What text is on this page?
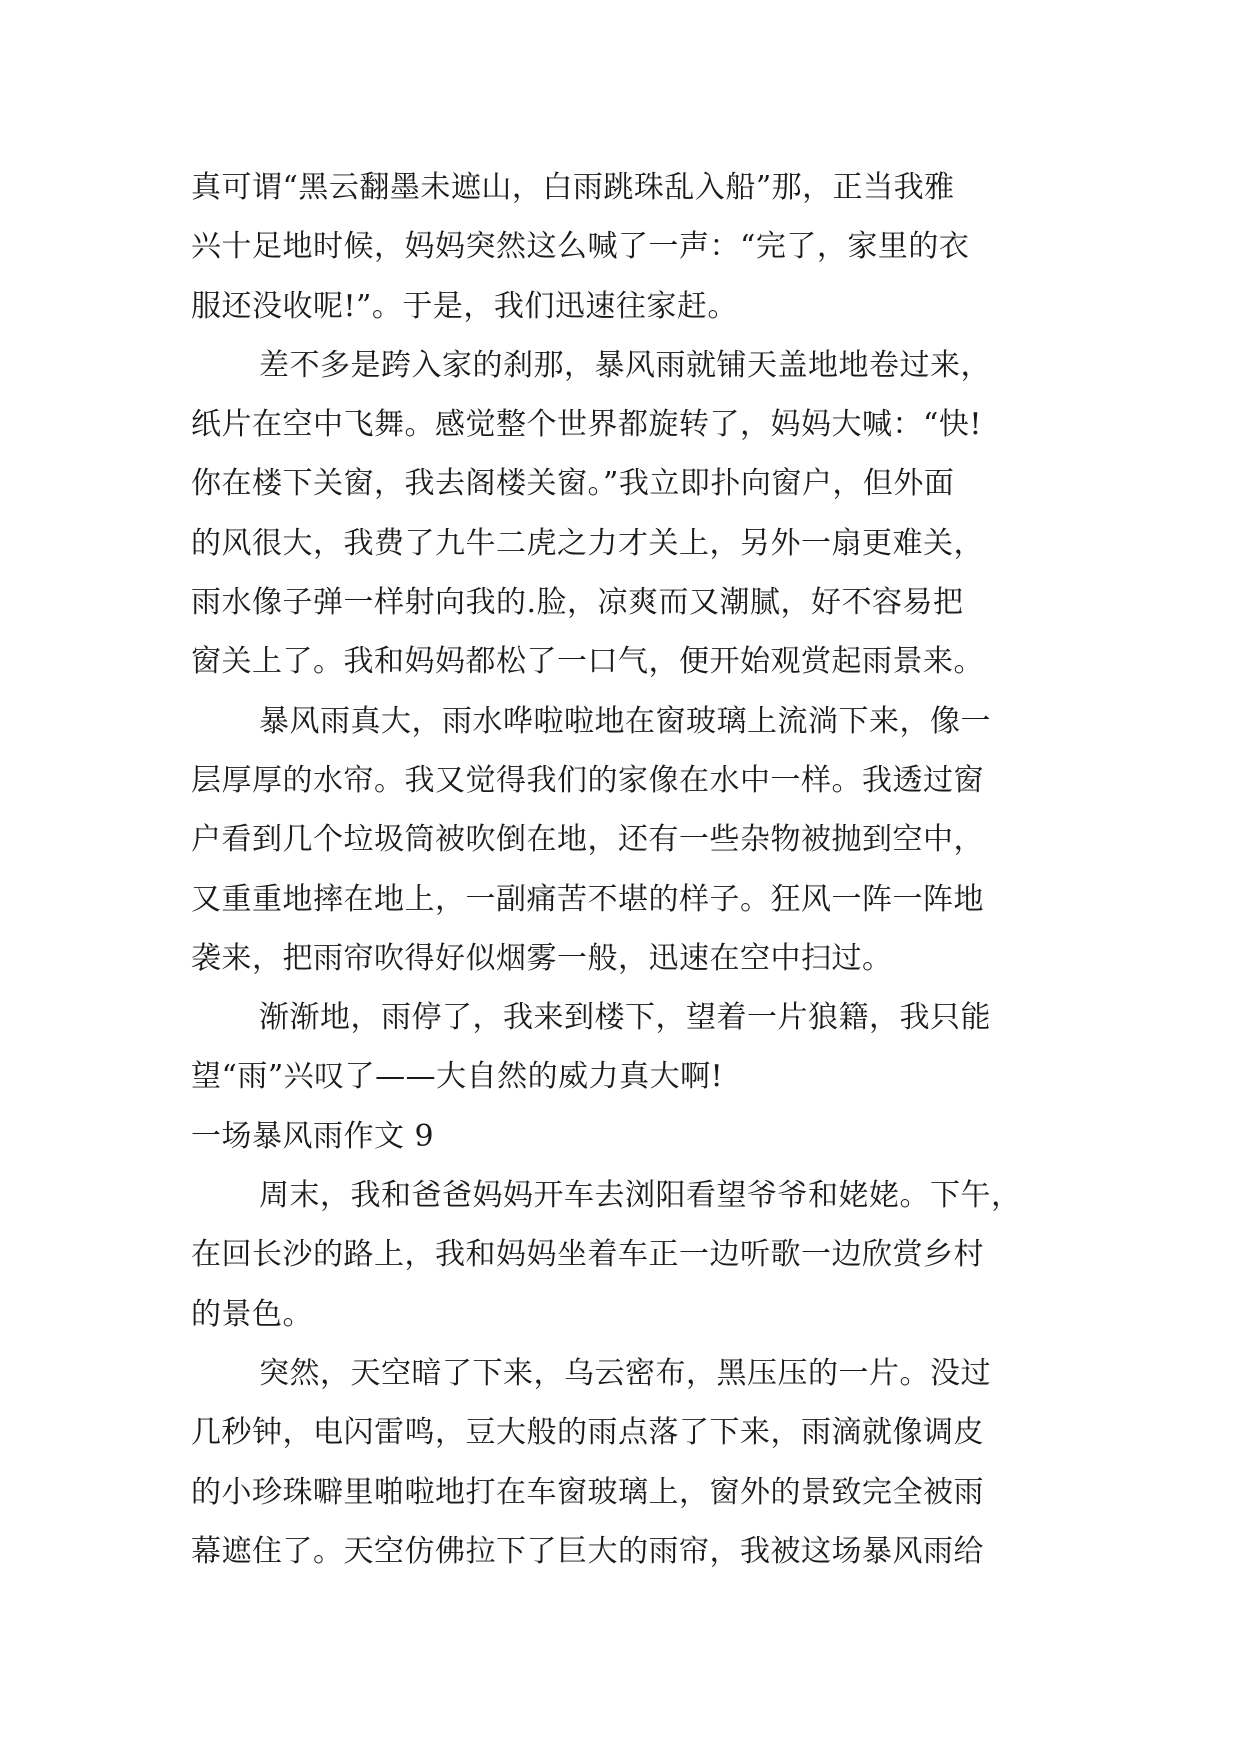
真可谓“黑云翻墨未遮山，白雨跳珠乱入船”那，正当我雅
兴十足地时候，妈妈突然这么喊了一声：“完了，家里的衣
服还没收呢!”。于是，我们迅速往家赶。
差不多是跨入家的刹那，暴风雨就铺天盖地地卷过来，
纸片在空中飞舞。感觉整个世界都旋转了，妈妈大喊：“快!
你在楼下关窗，我去阁楼关窗。”我立即扑向窗户，但外面
的风很大，我费了九牛二虎之力才关上，另外一扇更难关，
雨水像子弹一样射向我的.脸，凉爽而又潮腻，好不容易把
窗关上了。我和妈妈都松了一口气，便开始观赏起雨景来。
暴风雨真大，雨水哗啦啦地在窗玻璃上流淌下来，像一
层厚厚的水帘。我又觉得我们的家像在水中一样。我透过窗
户看到几个垃圾筒被吹倒在地，还有一些杂物被抛到空中，
又重重地摔在地上，一副痛苦不堪的样子。狂风一阵一阵地
袭来，把雨帘吹得好似烟雾一般，迅速在空中扫过。
渐渐地，雨停了，我来到楼下，望着一片狼籍，我只能
望“雨”兴叹了——大自然的威力真大啊!
一场暴风雨作文 9
周末，我和爸爸妈妈开车去浏阳看望爷爷和姥姥。下午，
在回长沙的路上，我和妈妈坐着车正一边听歌一边欣赏乡村
的景色。
突然，天空暗了下来，乌云密布，黑压压的一片。没过
几秒钟，电闪雷鸣，豆大般的雨点落了下来，雨滴就像调皮
的小珍珠噼里啪啦地打在车窗玻璃上，窗外的景致完全被雨
幕遮住了。天空仿佛拉下了巨大的雨帘，我被这场暴风雨给
